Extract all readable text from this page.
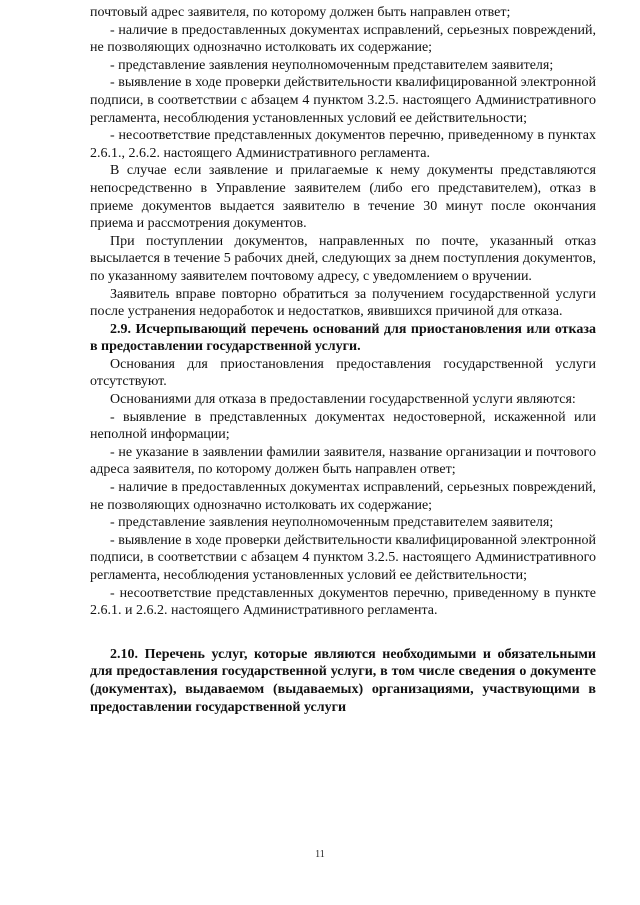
почтовый адрес заявителя, по которому должен быть направлен ответ;

- наличие в предоставленных документах исправлений, серьезных повреждений, не позволяющих однозначно истолковать их содержание;

- представление заявления неуполномоченным представителем заявителя;

- выявление в ходе проверки действительности квалифицированной электронной подписи, в соответствии с абзацем 4 пунктом 3.2.5. настоящего Административного регламента, несоблюдения установленных условий ее действительности;

- несоответствие представленных документов перечню, приведенному в пунктах 2.6.1., 2.6.2. настоящего Административного регламента.

В случае если заявление и прилагаемые к нему документы представляются непосредственно в Управление заявителем (либо его представителем), отказ в приеме документов выдается заявителю в течение 30 минут после окончания приема и рассмотрения документов.

При поступлении документов, направленных по почте, указанный отказ высылается в течение 5 рабочих дней, следующих за днем поступления документов, по указанному заявителем почтовому адресу, с уведомлением о вручении.

Заявитель вправе повторно обратиться за получением государственной услуги после устранения недоработок и недостатков, явившихся причиной для отказа.

2.9. Исчерпывающий перечень оснований для приостановления или отказа в предоставлении государственной услуги.

Основания для приостановления предоставления государственной услуги отсутствуют.

Основаниями для отказа в предоставлении государственной услуги являются:

- выявление в представленных документах недостоверной, искаженной или неполной информации;

- не указание в заявлении фамилии заявителя, название организации и почтового адреса заявителя, по которому должен быть направлен ответ;

- наличие в предоставленных документах исправлений, серьезных повреждений, не позволяющих однозначно истолковать их содержание;

- представление заявления неуполномоченным представителем заявителя;

- выявление в ходе проверки действительности квалифицированной электронной подписи, в соответствии с абзацем 4 пунктом 3.2.5. настоящего Административного регламента, несоблюдения установленных условий ее действительности;

- несоответствие представленных документов перечню, приведенному в пункте 2.6.1. и 2.6.2. настоящего Административного регламента.

2.10. Перечень услуг, которые являются необходимыми и обязательными для предоставления государственной услуги, в том числе сведения о документе (документах), выдаваемом (выдаваемых) организациями, участвующими в предоставлении государственной услуги

11
